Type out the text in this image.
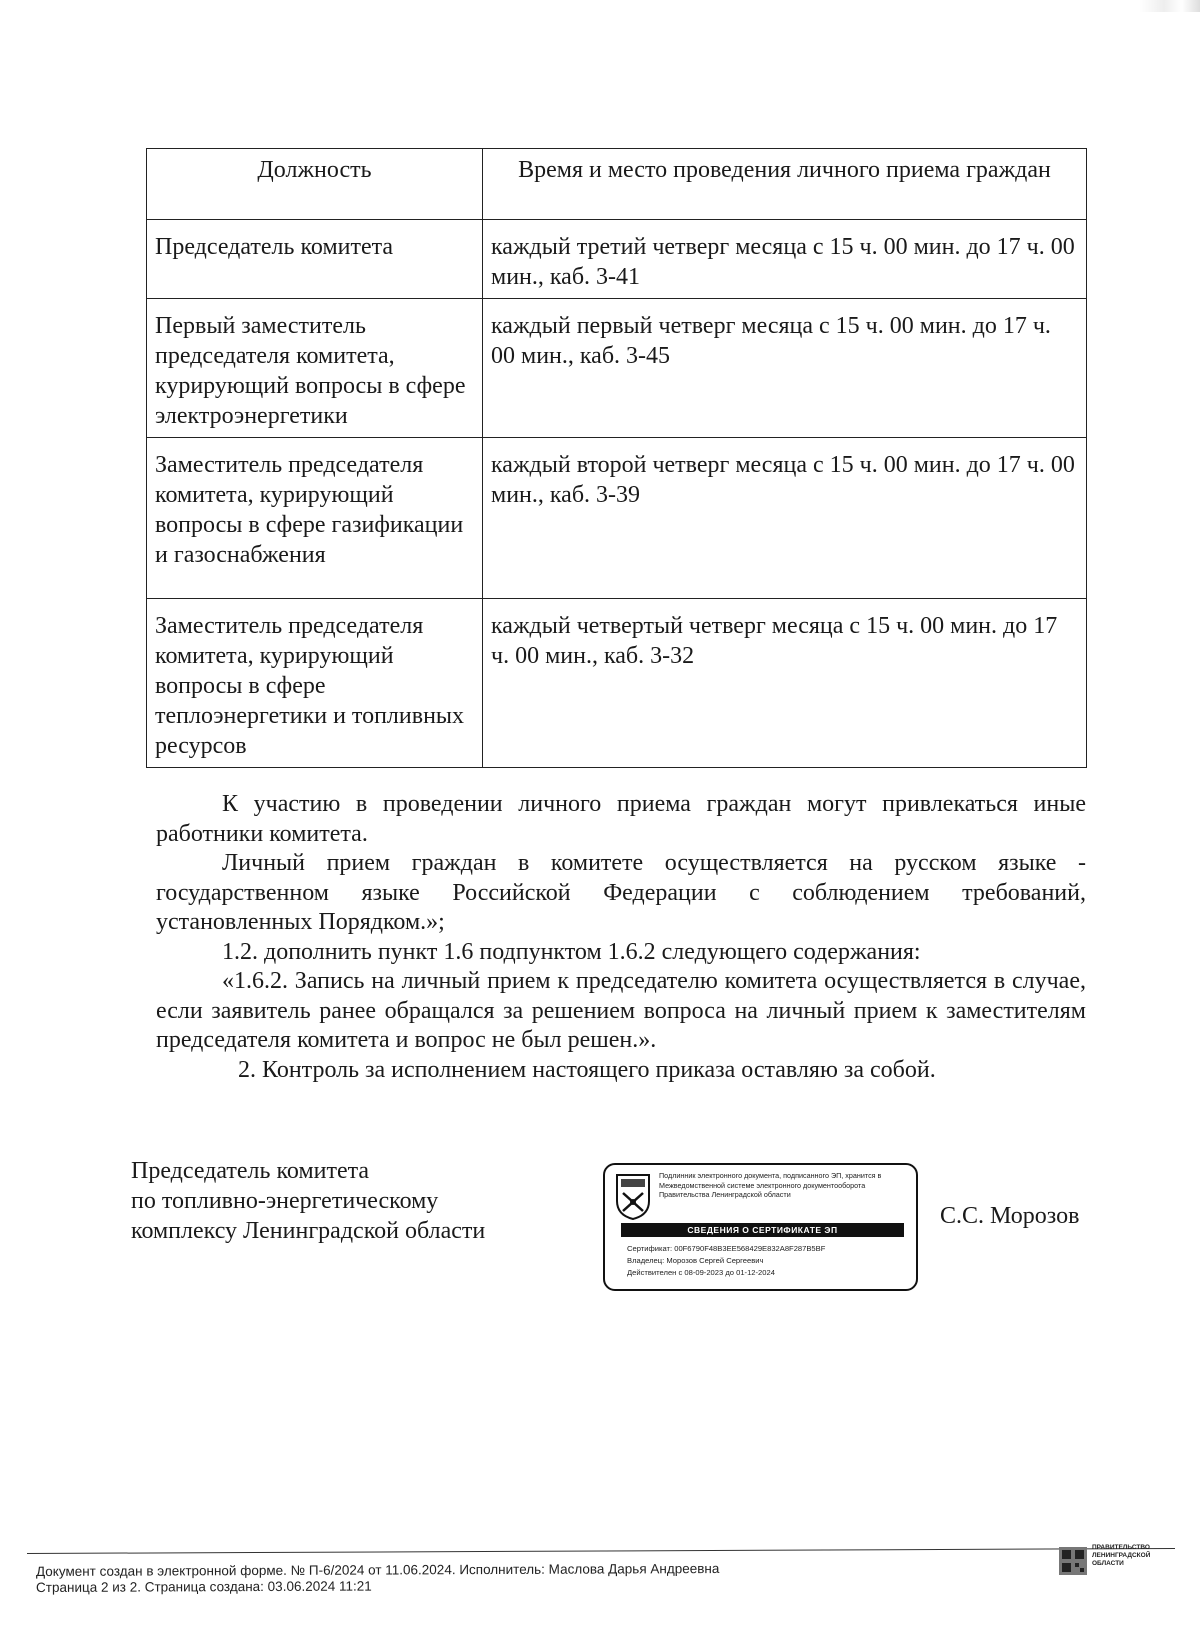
Должность	Время и место проведения личного приема граждан
Председатель комитета	каждый третий четверг месяца с 15 ч. 00 мин. до 17 ч. 00 мин., каб. 3-41
Первый заместитель председателя комитета, курирующий вопросы в сфере электроэнергетики	каждый первый четверг месяца с 15 ч. 00 мин. до 17 ч. 00 мин., каб. 3-45
Заместитель председателя комитета, курирующий вопросы в сфере газификации и газоснабжения	каждый второй четверг месяца с 15 ч. 00 мин. до 17 ч. 00 мин., каб. 3-39
Заместитель председателя комитета, курирующий вопросы в сфере теплоэнергетики и топливных ресурсов	каждый четвертый четверг месяца с 15 ч. 00 мин. до 17 ч. 00 мин., каб. 3-32

К участию в проведении личного приема граждан могут привлекаться иные работники комитета.

Личный прием граждан в комитете осуществляется на русском языке - государственном языке Российской Федерации с соблюдением требований, установленных Порядком.»;

1.2. дополнить пункт 1.6 подпунктом 1.6.2 следующего содержания:

«1.6.2. Запись на личный прием к председателю комитета осуществляется в случае, если заявитель ранее обращался за решением вопроса на личный прием к заместителям председателя комитета и вопрос не был решен.».

2. Контроль за исполнением настоящего приказа оставляю за собой.

Председатель комитета
по топливно-энергетическому
комплексу Ленинградской области
Подлинник электронного документа, подписанного ЭП, хранится в Межведомственной системе электронного документооборота Правительства Ленинградской области
СВЕДЕНИЯ О СЕРТИФИКАТЕ ЭП
Сертификат: 00F6790F48B3EE568429E832A8F287B5BF
Владелец: Морозов Сергей Сергеевич
Действителен с 08-09-2023 до 01-12-2024
С.С. Морозов
Документ создан в электронной форме. № П-6/2024 от 11.06.2024. Исполнитель: Маслова Дарья Андреевна
Страница 2 из 2. Страница создана: 03.06.2024 11:21
ПРАВИТЕЛЬСТВО ЛЕНИНГРАДСКОЙ ОБЛАСТИ
